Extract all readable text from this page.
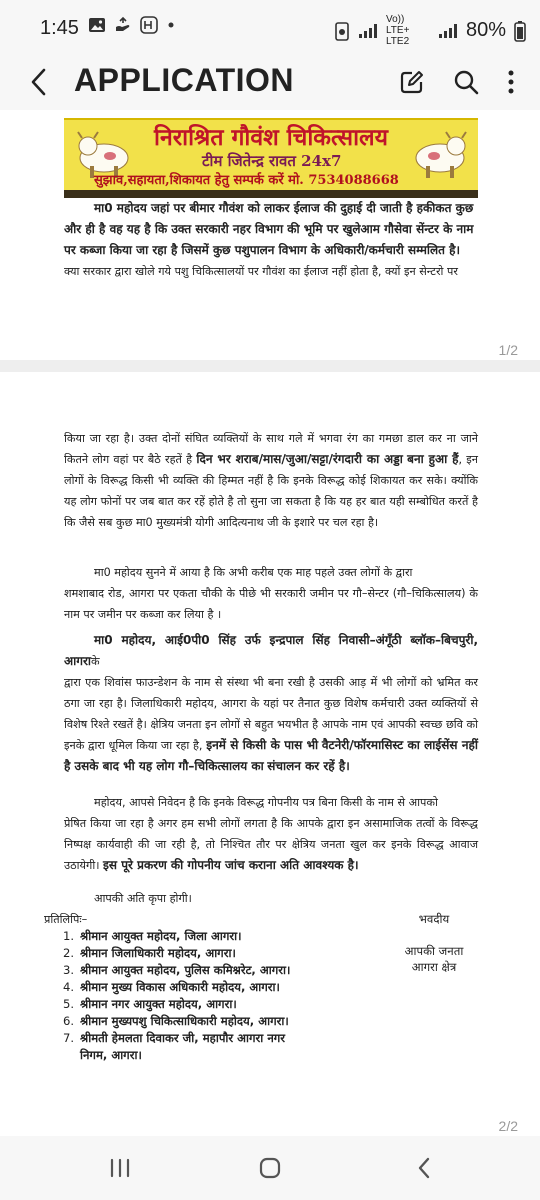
1:45	Vo)) LTE+ LTE2
80%
APPLICATION
निराश्रित गौवंश चिकित्सालय
टीम जितेन्द्र रावत 24x7
सुझाव,सहायता,शिकायत हेतु सम्पर्क करें मो. 7534088668
मा0 महोदय जहां पर बीमार गौवंश को लाकर ईलाज की दुहाई दी जाती है हकीकत कुछ
और ही है वह यह है कि उक्त सरकारी नहर विभाग की भूमि पर खुलेआम गौसेवा सेंन्टर के नाम
पर कब्जा किया जा रहा है जिसमें कुछ पशुपालन विभाग के अधिकारी/कर्मचारी सम्मलित है।
क्या सरकार द्वारा खोले गये पशु चिकित्सालयों पर गौवंश का ईलाज नहीं होता है, क्यों इन सेन्टरो पर
1/2
किया जा रहा है। उक्त दोनों संघित व्यक्तियों के साथ गले में भगवा रंग का गमछा डाल कर ना जाने कितने लोग वहां पर बैठे रहतें है दिन भर शराब/मास/जुआ/सट्टा/रंगदारी का अड्डा बना हुआ हैं, इन लोगों के विरूद्ध किसी भी व्यक्ति की हिम्मत नहीं है कि इनके विरूद्ध कोई शिकायत कर सके। क्योंकि यह लोग फोनों पर जब बात कर रहें होते है तो सुना जा सकता है कि यह हर बात यही सम्बोधित करतें है कि जैसे सब कुछ मा0 मुख्यमंत्री योगी आदित्यनाथ जी के इशारे पर चल रहा है।
मा0 महोदय सुनने में आया है कि अभी करीब एक माह पहले उक्त लोगों के द्वारा
शमशाबाद रोड, आगरा पर एकता चौकी के पीछे भी सरकारी जमीन पर गौ–सेन्टर (गौ–चिकित्सालय) के नाम पर जमीन पर कब्जा कर लिया है ।
मा0 महोदय, आई0पी0 सिंह उर्फ इन्द्रपाल सिंह निवासी–अंगूँठी ब्लॉक–बिचपुरी, आगराके
द्वारा एक शिवांस फाउन्डेशन के नाम से संस्था भी बना रखी है उसकी आड़ में भी लोगों को भ्रमित कर ठगा जा रहा है। जिलाधिकारी महोदय, आगरा के यहां पर तैनात कुछ विशेष कर्मचारी उक्त व्यक्तियों से विशेष रिश्ते रखतें है। क्षेत्रिय जनता इन लोगों से बहुत भयभीत है आपके नाम एवं आपकी स्वच्छ छवि को इनके द्वारा धूमिल किया जा रहा है, इनमें से किसी के पास भी वैटनेरी/फॉरमासिस्ट का लाईसेंस नहीं है उसके बाद भी यह लोग गौ–चिकित्सालय का संचालन कर रहें है।
महोदय, आपसे निवेदन है कि इनके विरूद्ध गोपनीय पत्र बिना किसी के नाम से आपको
प्रेषित किया जा रहा है अगर हम सभी लोगों लगता है कि आपके द्वारा इन असामाजिक तत्वों के विरूद्ध निष्पक्ष कार्यवाही की जा रही है, तो निश्चित तौर पर क्षेत्रिय जनता खुल कर इनके विरूद्ध आवाज उठायेगी। इस पूरे प्रकरण की गोपनीय जांच कराना अति आवश्यक है।
आपकी अति कृपा होगी।
प्रतिलिपिः–
1. श्रीमान आयुक्त महोदय, जिला आगरा।
2. श्रीमान जिलाधिकारी महोदय, आगरा।
3. श्रीमान आयुक्त महोदय, पुलिस कमिश्नरेट, आगरा।
4. श्रीमान मुख्य विकास अधिकारी महोदय, आगरा।
5. श्रीमान नगर आयुक्त महोदय, आगरा।
6. श्रीमान मुख्यपशु चिकित्साधिकारी महोदय, आगरा।
7. श्रीमती हेमलता दिवाकर जी, महापौर आगरा नगर
निगम, आगरा।
भवदीय
आपकी जनता
आगरा क्षेत्र
2/2
